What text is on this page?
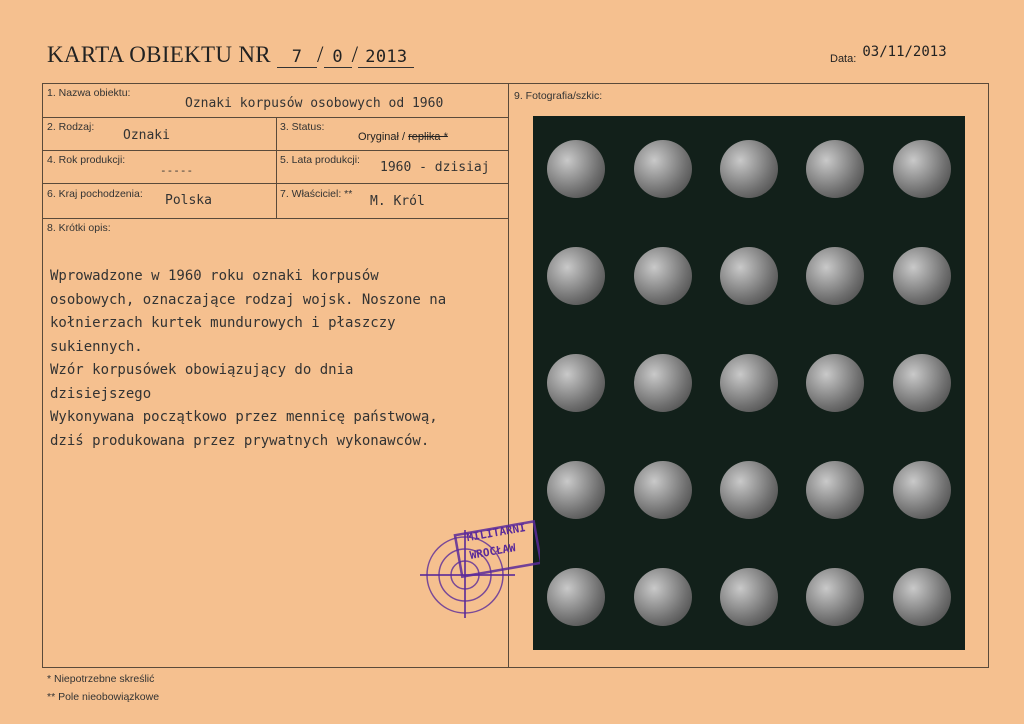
KARTA OBIEKTU NR 7 / 0 / 2013	Data: 03/11/2013
1. Nazwa obiektu:
Oznaki korpusów osobowych od 1960
2. Rodzaj:
Oznaki
3. Status:
Oryginał / replika *
4. Rok produkcji:
-----
5. Lata produkcji: 1960 - dzisiaj
6. Kraj pochodzenia: Polska	7. Właściciel: ** M. Król
8. Krótki opis:
9. Fotografia/szkic:
Wprowadzone w 1960 roku oznaki korpusów
osobowych, oznaczające rodzaj wojsk. Noszone na
kołnierzach kurtek mundurowych i płaszczy
sukiennych.
Wzór korpusówek obowiązujący do dnia
dzisiejszego
Wykonywana początkowo przez mennicę państwową,
dziś produkowana przez prywatnych wykonawców.
MILITARNI
WROCŁAW
* Niepotrzebne skreślić
** Pole nieobowiązkowe
